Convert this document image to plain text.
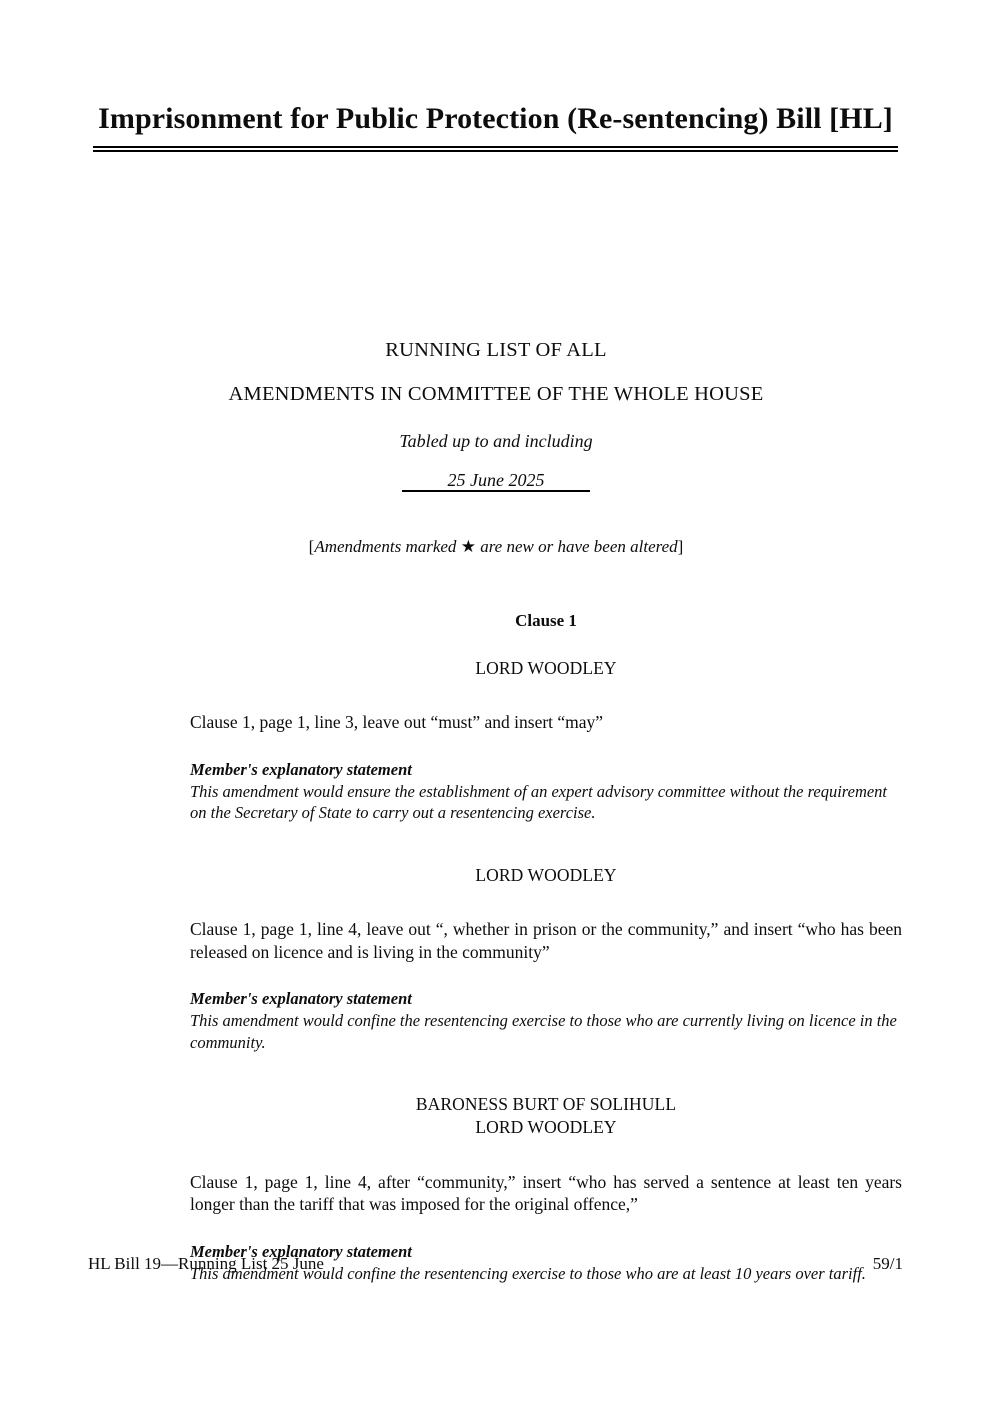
Imprisonment for Public Protection (Re-sentencing) Bill [HL]
RUNNING LIST OF ALL
AMENDMENTS IN COMMITTEE OF THE WHOLE HOUSE
Tabled up to and including
25 June 2025
[Amendments marked ★ are new or have been altered]
Clause 1
LORD WOODLEY

Clause 1, page 1, line 3, leave out “must” and insert “may”

Member's explanatory statement

This amendment would ensure the establishment of an expert advisory committee without the requirement on the Secretary of State to carry out a resentencing exercise.

LORD WOODLEY

Clause 1, page 1, line 4, leave out “, whether in prison or the community,” and insert “who has been released on licence and is living in the community”

Member's explanatory statement

This amendment would confine the resentencing exercise to those who are currently living on licence in the community.

BARONESS BURT OF SOLIHULL
LORD WOODLEY

Clause 1, page 1, line 4, after “community,” insert “who has served a sentence at least ten years longer than the tariff that was imposed for the original offence,”

Member's explanatory statement

This amendment would confine the resentencing exercise to those who are at least 10 years over tariff.

HL Bill 19—Running List 25 June	59/1
